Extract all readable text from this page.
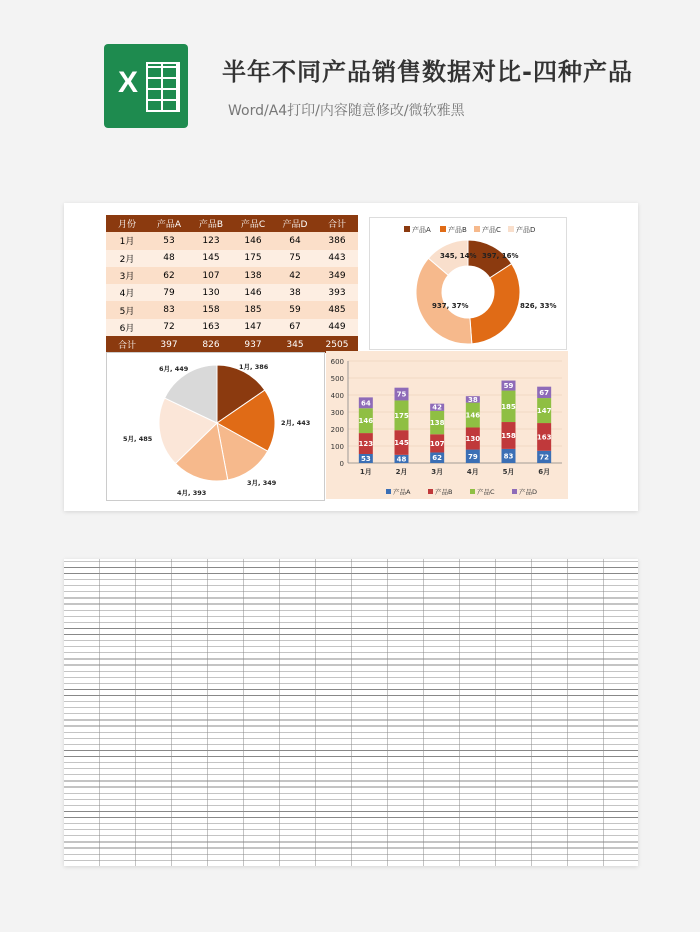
X	半年不同产品销售数据对比-四种产品
Word/A4打印/内容随意修改/微软雅黑
月份	产品A	产品B	产品C	产品D	合计
1月	53	123	146	64	386
2月	48	145	175	75	443
3月	62	107	138	42	349
4月	79	130	146	38	393
5月	83	158	185	59	485
6月	72	163	147	67	449
合计	397	826	937	345	2505
产品A 产品B 产品C 产品D
397, 16%
826, 33%
937, 37%
345, 14%
1月, 386
2月, 443
3月, 349
4月, 393
5月, 485
6月, 449
0
100
200
300
400
500
600
53
123
146
64
1月
48
145
175
75
2月
62
107
138
42
3月
79
130
146
38
4月
83
158
185
59
5月
72
163
147
67
6月
产品A	产品B	产品C	产品D
